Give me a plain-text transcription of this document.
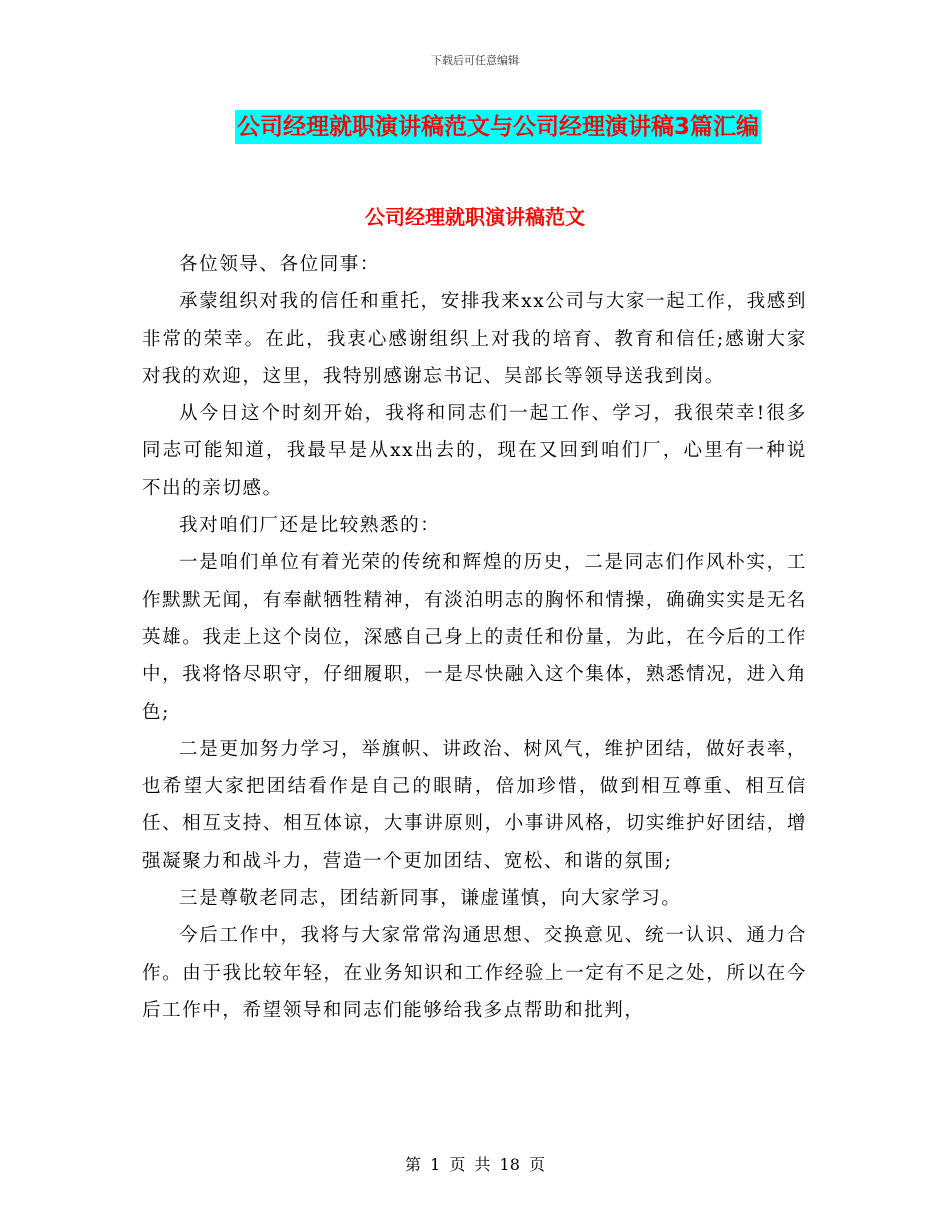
下载后可任意编辑
公司经理就职演讲稿范文与公司经理演讲稿3篇汇编
公司经理就职演讲稿范文

各位领导、各位同事：

承蒙组织对我的信任和重托，安排我来xx公司与大家一起工作，我感到非常的荣幸。在此，我衷心感谢组织上对我的培育、教育和信任;感谢大家对我的欢迎，这里，我特别感谢忘书记、吴部长等领导送我到岗。

从今日这个时刻开始，我将和同志们一起工作、学习，我很荣幸!很多同志可能知道，我最早是从xx出去的，现在又回到咱们厂，心里有一种说不出的亲切感。

我对咱们厂还是比较熟悉的：

一是咱们单位有着光荣的传统和辉煌的历史，二是同志们作风朴实，工作默默无闻，有奉献牺牲精神，有淡泊明志的胸怀和情操，确确实实是无名英雄。我走上这个岗位，深感自己身上的责任和份量，为此，在今后的工作中，我将恪尽职守，仔细履职，一是尽快融入这个集体，熟悉情况，进入角色;

二是更加努力学习，举旗帜、讲政治、树风气，维护团结，做好表率，也希望大家把团结看作是自己的眼睛，倍加珍惜，做到相互尊重、相互信任、相互支持、相互体谅，大事讲原则，小事讲风格，切实维护好团结，增强凝聚力和战斗力，营造一个更加团结、宽松、和谐的氛围;

三是尊敬老同志，团结新同事，谦虚谨慎，向大家学习。

今后工作中，我将与大家常常沟通思想、交换意见、统一认识、通力合作。由于我比较年轻，在业务知识和工作经验上一定有不足之处，所以在今后工作中，希望领导和同志们能够给我多点帮助和批判，

第 1 页 共 18 页
